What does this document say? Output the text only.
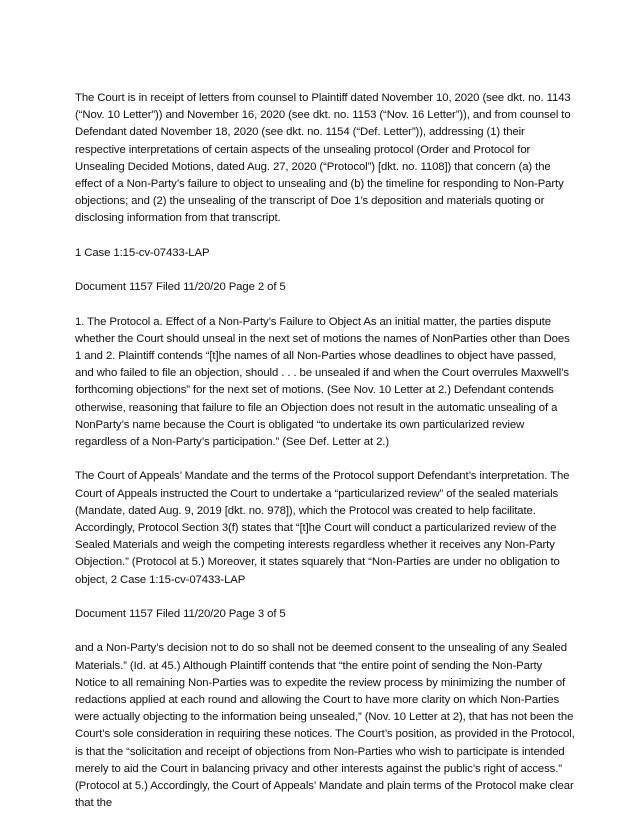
The Court is in receipt of letters from counsel to Plaintiff dated November 10, 2020 (see dkt. no. 1143 (“Nov. 10 Letter”)) and November 16, 2020 (see dkt. no. 1153 (“Nov. 16 Letter”)), and from counsel to Defendant dated November 18, 2020 (see dkt. no. 1154 (“Def. Letter”)), addressing (1) their respective interpretations of certain aspects of the unsealing protocol (Order and Protocol for Unsealing Decided Motions, dated Aug. 27, 2020 (“Protocol”) [dkt. no. 1108]) that concern (a) the effect of a Non-Party’s failure to object to unsealing and (b) the timeline for responding to Non-Party objections; and (2) the unsealing of the transcript of Doe 1’s deposition and materials quoting or disclosing information from that transcript.

1 Case 1:15-cv-07433-LAP

Document 1157 Filed 11/20/20 Page 2 of 5

1. The Protocol a. Effect of a Non-Party’s Failure to Object As an initial matter, the parties dispute whether the Court should unseal in the next set of motions the names of NonParties other than Does 1 and 2. Plaintiff contends “[t]he names of all Non-Parties whose deadlines to object have passed, and who failed to file an objection, should . . . be unsealed if and when the Court overrules Maxwell’s forthcoming objections” for the next set of motions. (See Nov. 10 Letter at 2.) Defendant contends otherwise, reasoning that failure to file an Objection does not result in the automatic unsealing of a NonParty’s name because the Court is obligated “to undertake its own particularized review regardless of a Non-Party’s participation.” (See Def. Letter at 2.)

The Court of Appeals’ Mandate and the terms of the Protocol support Defendant’s interpretation. The Court of Appeals instructed the Court to undertake a “particularized review” of the sealed materials (Mandate, dated Aug. 9, 2019 [dkt. no. 978]), which the Protocol was created to help facilitate. Accordingly, Protocol Section 3(f) states that “[t]he Court will conduct a particularized review of the Sealed Materials and weigh the competing interests regardless whether it receives any Non-Party Objection.” (Protocol at 5.) Moreover, it states squarely that “Non-Parties are under no obligation to object, 2 Case 1:15-cv-07433-LAP

Document 1157 Filed 11/20/20 Page 3 of 5

and a Non-Party’s decision not to do so shall not be deemed consent to the unsealing of any Sealed Materials.” (Id. at 45.) Although Plaintiff contends that “the entire point of sending the Non-Party Notice to all remaining Non-Parties was to expedite the review process by minimizing the number of redactions applied at each round and allowing the Court to have more clarity on which Non-Parties were actually objecting to the information being unsealed,” (Nov. 10 Letter at 2), that has not been the Court’s sole consideration in requiring these notices. The Court’s position, as provided in the Protocol, is that the “solicitation and receipt of objections from Non-Parties who wish to participate is intended merely to aid the Court in balancing privacy and other interests against the public’s right of access.” (Protocol at 5.) Accordingly, the Court of Appeals’ Mandate and plain terms of the Protocol make clear that the
